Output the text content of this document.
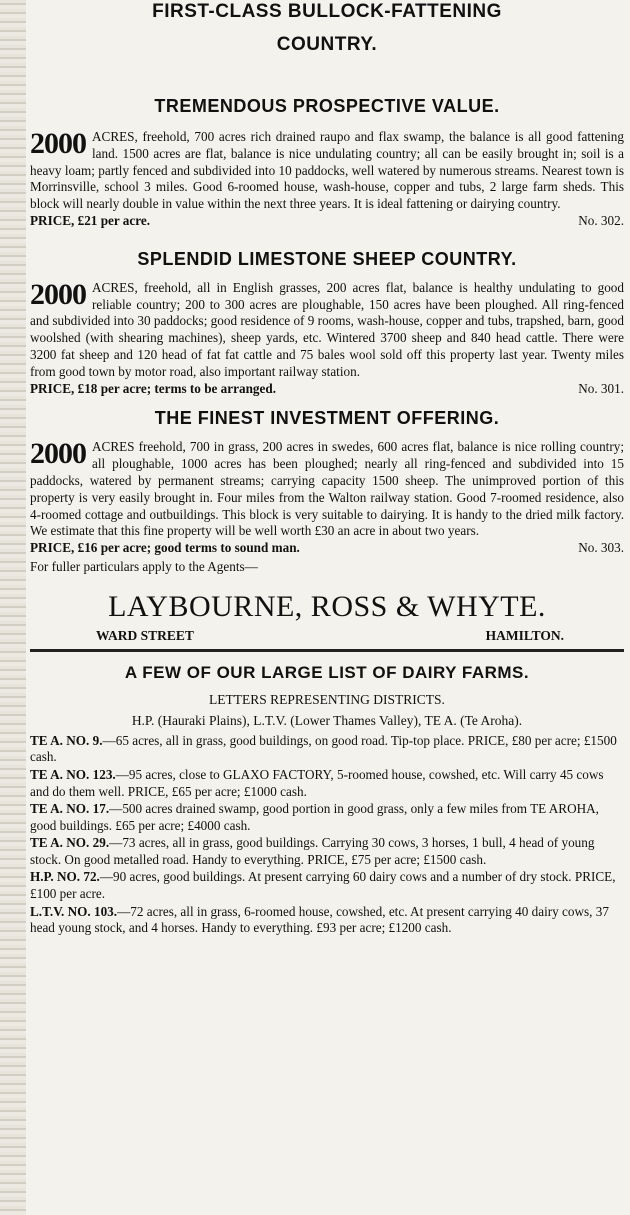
FIRST-CLASS BULLOCK-FATTENING
COUNTRY.
TREMENDOUS PROSPECTIVE VALUE.
2000 ACRES, freehold, 700 acres rich drained raupo and flax swamp, the balance is all good fattening land. 1500 acres are flat, balance is nice undulating country; all can be easily brought in; soil is a heavy loam; partly fenced and subdivided into 10 paddocks, well watered by numerous streams. Nearest town is Morrinsville, school 3 miles. Good 6-roomed house, wash-house, copper and tubs, 2 large farm sheds. This block will nearly double in value within the next three years. It is ideal fattening or dairying country.
PRICE, £21 per acre.	No. 302.
SPLENDID LIMESTONE SHEEP COUNTRY.
2000 ACRES, freehold, all in English grasses, 200 acres flat, balance is healthy undulating to good reliable country; 200 to 300 acres are ploughable, 150 acres have been ploughed. All ring-fenced and subdivided into 30 paddocks; good residence of 9 rooms, wash-house, copper and tubs, trapshed, barn, good woolshed (with shearing machines), sheep yards, etc. Wintered 3700 sheep and 840 head cattle. There were 3200 fat sheep and 120 head of fat fat cattle and 75 bales wool sold off this property last year. Twenty miles from good town by motor road, also important railway station.
PRICE, £18 per acre; terms to be arranged.	No. 301.
THE FINEST INVESTMENT OFFERING.
2000 ACRES freehold, 700 in grass, 200 acres in swedes, 600 acres flat, balance is nice rolling country; all ploughable, 1000 acres has been ploughed; nearly all ring-fenced and subdivided into 15 paddocks, watered by permanent streams; carrying capacity 1500 sheep. The unimproved portion of this property is very easily brought in. Four miles from the Walton railway station. Good 7-roomed residence, also 4-roomed cottage and outbuildings. This block is very suitable to dairying. It is handy to the dried milk factory. We estimate that this fine property will be well worth £30 an acre in about two years.
PRICE, £16 per acre; good terms to sound man.	No. 303.
For fuller particulars apply to the Agents—
LAYBOURNE, ROSS & WHYTE.
WARD STREET	HAMILTON.
A FEW OF OUR LARGE LIST OF DAIRY FARMS.
LETTERS REPRESENTING DISTRICTS.
H.P. (Hauraki Plains), L.T.V. (Lower Thames Valley), TE A. (Te Aroha).
TE A. NO. 9.—65 acres, all in grass, good buildings, on good road. Tip-top place. PRICE, £80 per acre; £1500 cash.
TE A. NO. 123.—95 acres, close to GLAXO FACTORY, 5-roomed house, cowshed, etc. Will carry 45 cows and do them well. PRICE, £65 per acre; £1000 cash.
TE A. NO. 17.—500 acres drained swamp, good portion in good grass, only a few miles from TE AROHA, good buildings. £65 per acre; £4000 cash.
TE A. NO. 29.—73 acres, all in grass, good buildings. Carrying 30 cows, 3 horses, 1 bull, 4 head of young stock. On good metalled road. Handy to everything. PRICE, £75 per acre; £1500 cash.
H.P. NO. 72.—90 acres, good buildings. At present carrying 60 dairy cows and a number of dry stock. PRICE, £100 per acre.
L.T.V. NO. 103.—72 acres, all in grass, 6-roomed house, cowshed, etc. At present carrying 40 dairy cows, 37 head young stock, and 4 horses. Handy to everything. £93 per acre; £1200 cash.
